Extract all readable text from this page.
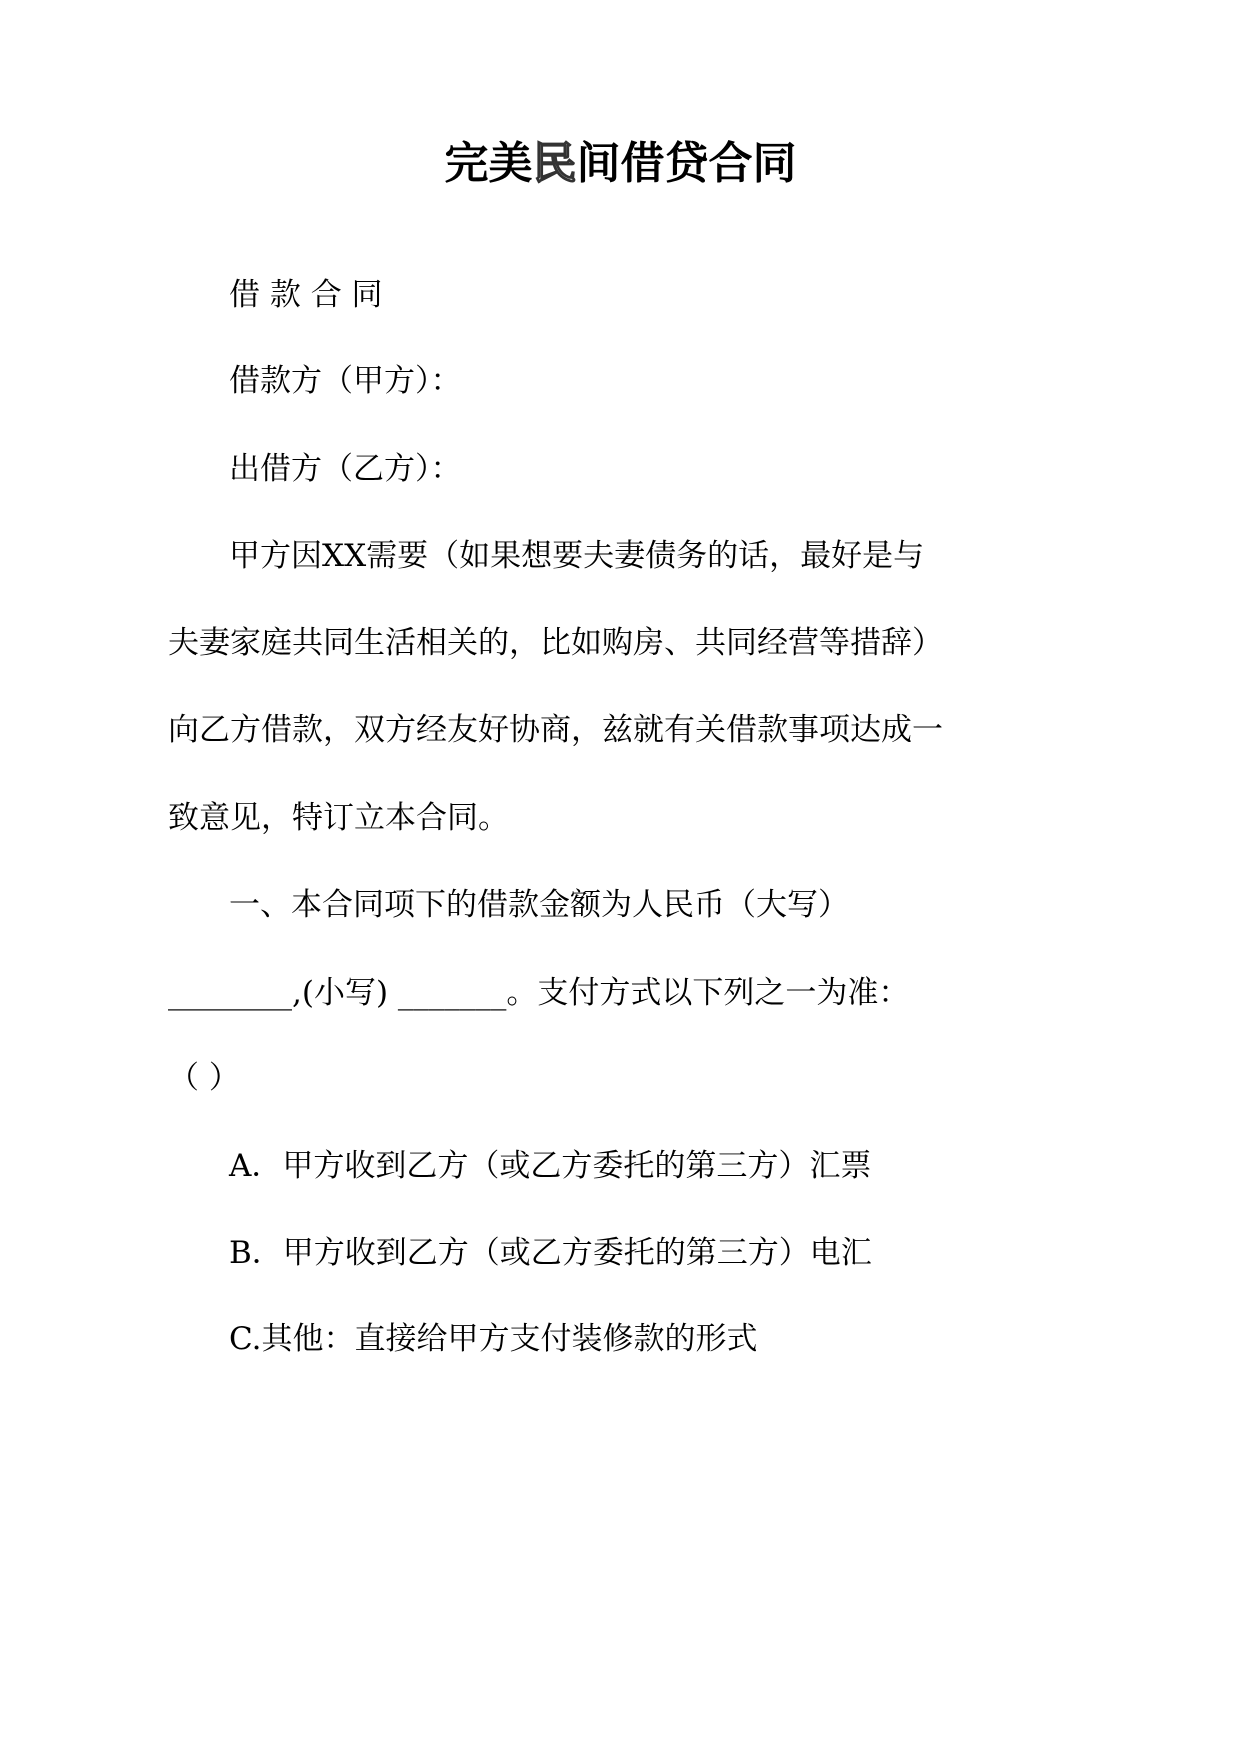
完美民间借贷合同
借 款 合 同
借款方（甲方）：
出借方（乙方）：
甲方因ХХ需要（如果想要夫妻债务的话，最好是与
夫妻家庭共同生活相关的，比如购房、共同经营等措辞）
向乙方借款，双方经友好协商，兹就有关借款事项达成一
致意见，特订立本合同。
一、本合同项下的借款金额为人民币（大写）
________,(小写) _______。支付方式以下列之一为准：
（ ）
A．甲方收到乙方（或乙方委托的第三方）汇票
B．甲方收到乙方（或乙方委托的第三方）电汇
C.其他：直接给甲方支付装修款的形式
